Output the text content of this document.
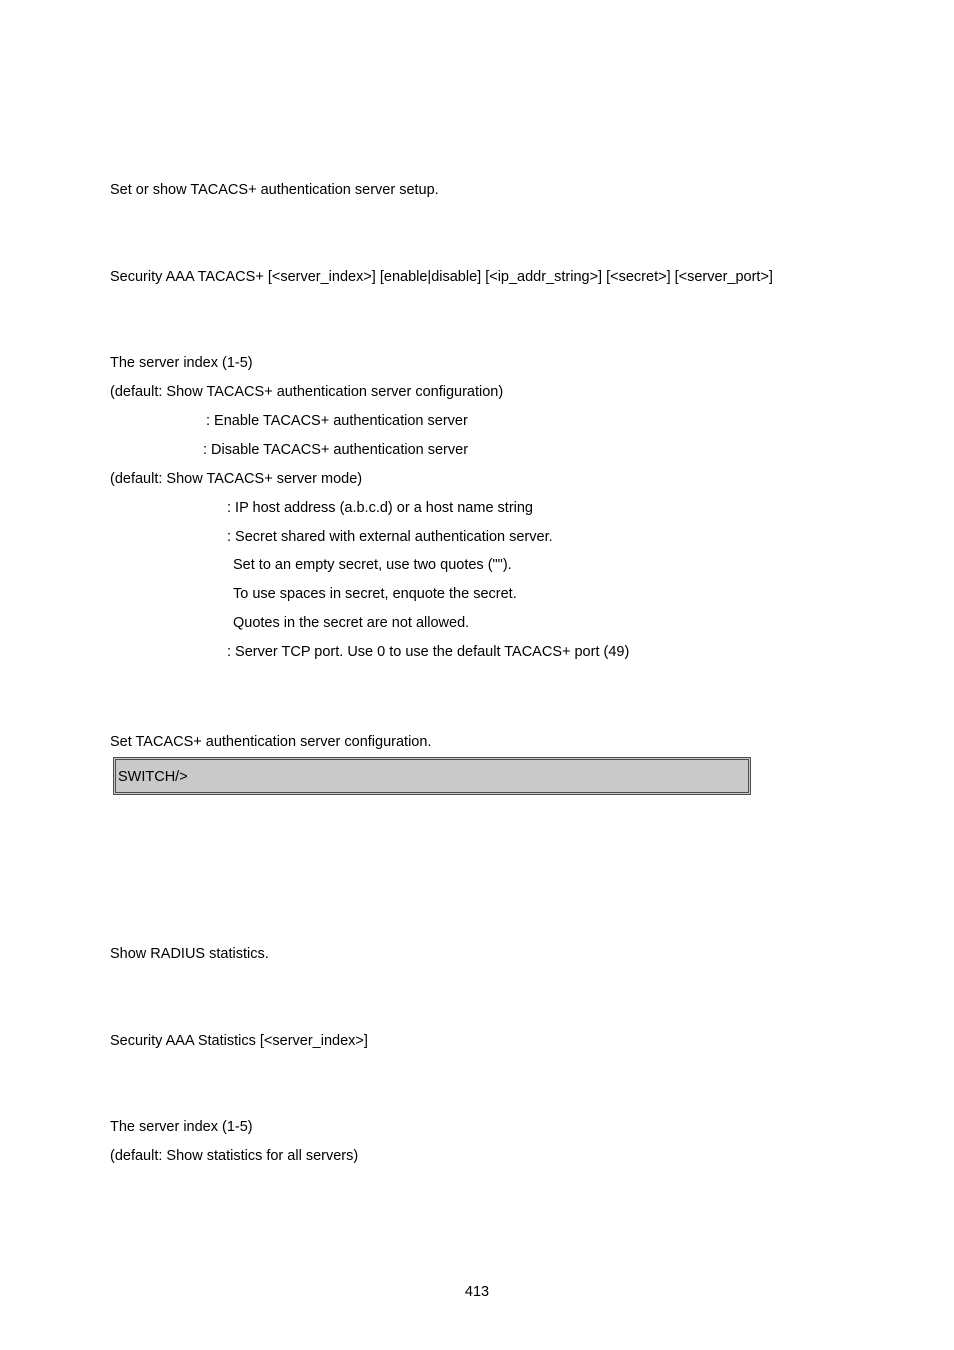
Set or show TACACS+ authentication server setup.
Security AAA TACACS+ [<server_index>] [enable|disable] [<ip_addr_string>] [<secret>] [<server_port>]
The server index (1-5)
(default: Show TACACS+ authentication server configuration)
: Enable TACACS+ authentication server
: Disable TACACS+ authentication server
(default: Show TACACS+ server mode)
: IP host address (a.b.c.d) or a host name string
: Secret shared with external authentication server.
Set to an empty secret, use two quotes ("").
To use spaces in secret, enquote the secret.
Quotes in the secret are not allowed.
: Server TCP port. Use 0 to use the default TACACS+ port (49)
Set TACACS+ authentication server configuration.
SWITCH/>
Show RADIUS statistics.
Security AAA Statistics [<server_index>]
The server index (1-5)
(default: Show statistics for all servers)
413
